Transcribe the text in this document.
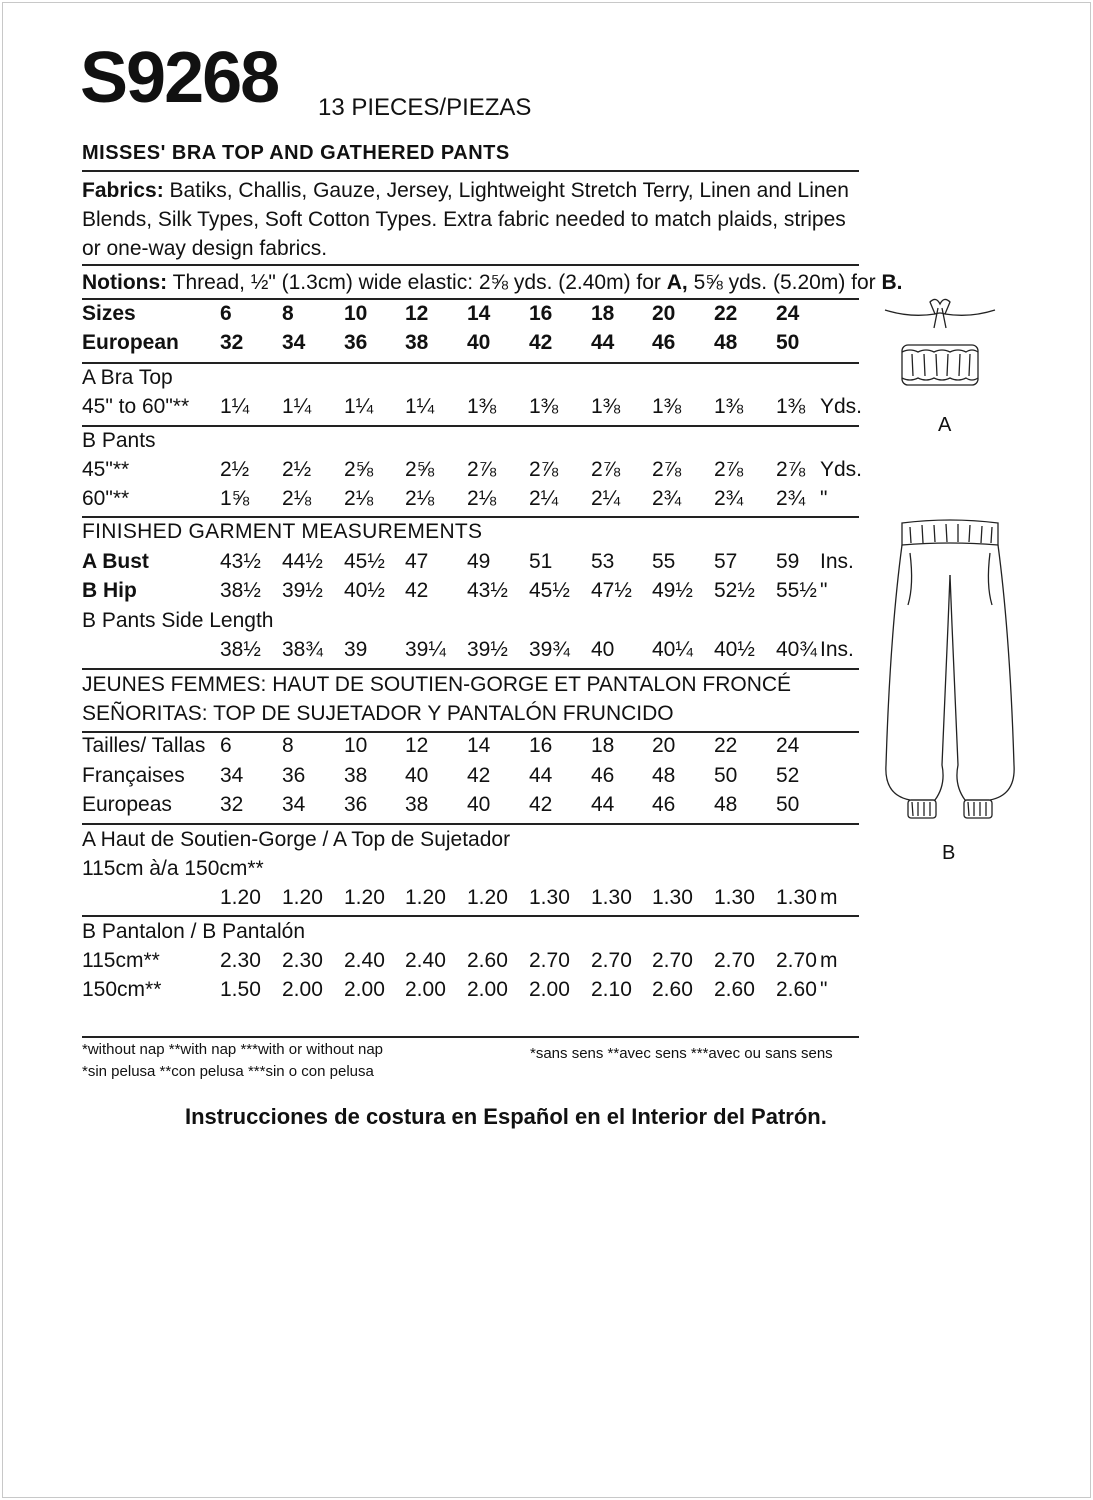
S9268 13 PIECES/PIEZAS
MISSES' BRA TOP AND GATHERED PANTS
Fabrics: Batiks, Challis, Gauze, Jersey, Lightweight Stretch Terry, Linen and Linen Blends, Silk Types, Soft Cotton Types. Extra fabric needed to match plaids, stripes or one-way design fabrics.
Notions: Thread, ½" (1.3cm) wide elastic: 2⅝ yds. (2.40m) for A, 5⅝ yds. (5.20m) for B.
Sizes	6	8	10	12	14	16	18	20	22	24
European 32	34	36	38	40	42	44	46	48	50
A Bra Top
45" to 60"** 1¼	1¼	1¼	1¼	1⅜	1⅜	1⅜	1⅜	1⅜	1⅜ Yds.
B Pants
45"**	2½	2½	2⅝	2⅝	2⅞	2⅞	2⅞	2⅞	2⅞	2⅞ Yds.
60"**	1⅝	2⅛	2⅛	2⅛	2⅛	2¼	2¼	2¾	2¾	2¾ "
FINISHED GARMENT MEASUREMENTS
A Bust	43½	44½	45½ 47	49	51	53	55	57	59 Ins.
B Hip	38½	39½	40½ 42	43½	45½	47½ 49½	52½	55½ "
B Pants Side Length
38½	38¾	39	39¼	39½	39¾	40	40¼	40½	40¾ Ins.
JEUNES FEMMES: HAUT DE SOUTIEN-GORGE ET PANTALON FRONCÉ
SEÑORITAS: TOP DE SUJETADOR Y PANTALÓN FRUNCIDO
Tailles/ Tallas 6	8	10	12	14	16	18	20	22	24
Françaises 34	36	38	40	42	44	46	48	50	52
Europeas 32	34	36	38	40	42	44	46	48	50
A Haut de Soutien-Gorge / A Top de Sujetador
115cm à/a 150cm**
1.20	1.20	1.20 1.20	1.20	1.30	1.30 1.30	1.30	1.30 m
B Pantalon / B Pantalón
115cm**	2.30	2.30	2.40 2.40	2.60	2.70	2.70 2.70	2.70	2.70 m
150cm**	1.50	2.00	2.00 2.00	2.00	2.00	2.10 2.60	2.60	2.60 "
*without nap **with nap ***with or without nap
*sin pelusa **con pelusa ***sin o con pelusa
*sans sens **avec sens ***avec ou sans sens
Instrucciones de costura en Español en el Interior del Patrón.
A
B
